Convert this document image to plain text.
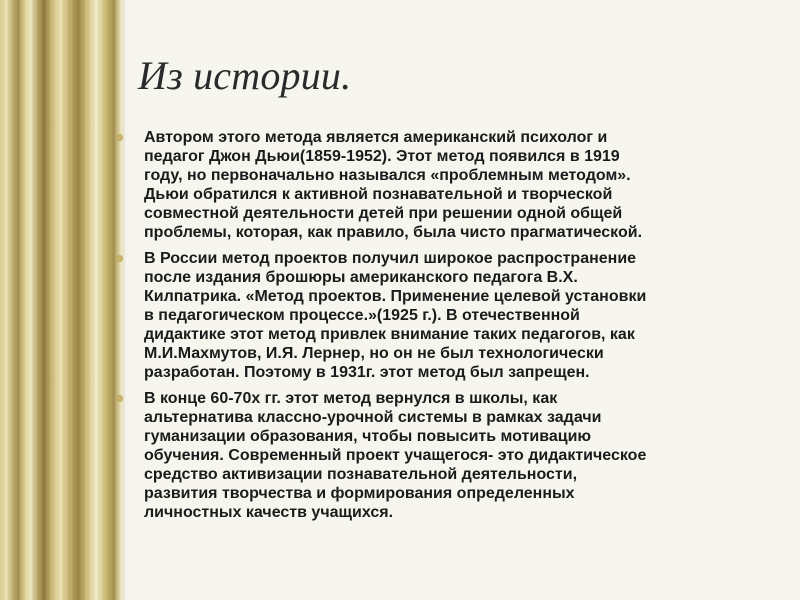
Из истории.
Автором этого метода является американский психолог и
педагог Джон Дьюи(1859-1952). Этот метод появился в 1919
году, но первоначально назывался «проблемным методом».
Дьюи обратился к активной познавательной и творческой
совместной деятельности детей при решении одной общей
проблемы, которая, как правило, была чисто прагматической.
В России метод проектов получил широкое распространение
после издания брошюры американского педагога В.Х.
Килпатрика. «Метод проектов. Применение целевой установки
в педагогическом процессе.»(1925 г.). В отечественной
дидактике этот метод привлек внимание таких педагогов, как
М.И.Махмутов, И.Я. Лернер, но он не был технологически
разработан. Поэтому в 1931г. этот метод был запрещен.
В конце 60-70х гг. этот метод вернулся в школы, как
альтернатива классно-урочной системы в рамках задачи
гуманизации образования, чтобы повысить мотивацию
обучения. Современный проект учащегося- это дидактическое
средство активизации познавательной деятельности,
развития творчества и формирования определенных
личностных качеств учащихся.
